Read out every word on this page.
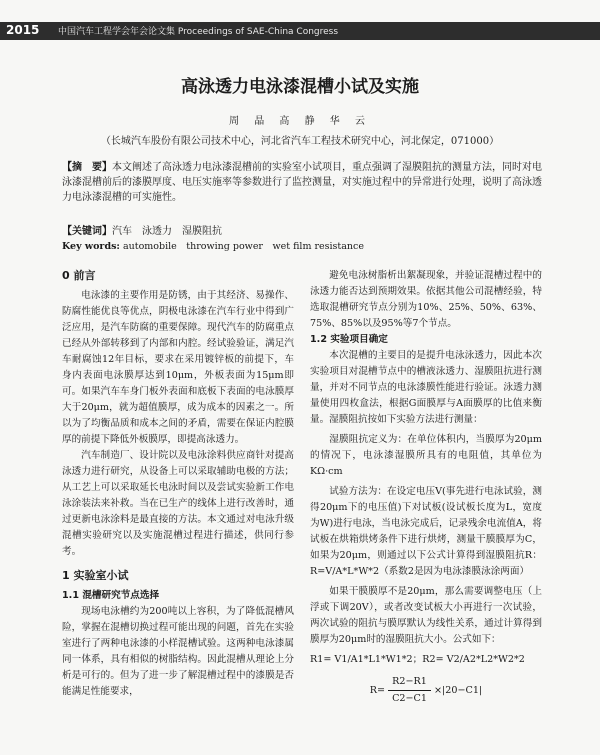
2015 中国汽车工程学会年会论文集 Proceedings of SAE-China Congress
高泳透力电泳漆混槽小试及实施
周 晶 高 静 华 云
（长城汽车股份有限公司技术中心，河北省汽车工程技术研究中心，河北保定，071000）
【摘　要】本文阐述了高泳透力电泳漆混槽前的实验室小试项目，重点强调了湿膜阻抗的测量方法，同时对电泳漆混槽前后的漆膜厚度、电压实施率等参数进行了监控测量，对实施过程中的异常进行处理，说明了高泳透力电泳漆混槽的可实施性。
【关键词】汽车　泳透力　湿膜阻抗
Key words: automobile　throwing power　wet film resistance
0 前言

电泳漆的主要作用是防锈，由于其经济、易操作、防腐性能优良等优点，阴极电泳漆在汽车行业中得到广泛应用，是汽车防腐的重要保障。现代汽车的防腐重点已经从外部转移到了内部和内腔。经试验验证，满足汽车耐腐蚀12年目标，要求在采用镀锌板的前提下，车身内表面电泳膜厚达到10μm，外板表面为15μm即可。如果汽车车身门板外表面和底板下表面的电泳膜厚大于20μm，就为超值膜厚，成为成本的因素之一。所以为了均衡品质和成本之间的矛盾，需要在保证内腔膜厚的前提下降低外板膜厚，即提高泳透力。

汽车制造厂、设计院以及电泳涂料供应商针对提高泳透力进行研究，从设备上可以采取辅助电极的方法；从工艺上可以采取延长电泳时间以及尝试实验新工作电泳涂装法来补救。当在已生产的线体上进行改善时，通过更新电泳涂料是最直接的方法。本文通过对电泳升级混槽实验研究以及实施混槽过程进行描述，供同行参考。

1 实验室小试
1.1 混槽研究节点选择

现场电泳槽约为200吨以上容积，为了降低混槽风险，掌握在混槽切换过程可能出现的问题，首先在实验室进行了两种电泳漆的小样混槽试验。这两种电泳漆属同一体系，具有相似的树脂结构。因此混槽从理论上分析是可行的。但为了进一步了解混槽过程中的漆膜是否能满足性能要求，

避免电泳树脂析出絮凝现象，并验证混槽过程中的泳透力能否达到预期效果。依据其他公司混槽经验，特选取混槽研究节点分别为10%、25%、50%、63%、75%、85%以及95%等7个节点。

1.2 实验项目确定

本次混槽的主要目的是提升电泳泳透力，因此本次实验项目对混槽节点中的槽液泳透力、湿膜阻抗进行测量，并对不同节点的电泳漆膜性能进行验证。泳透力测量使用四枚盒法，根据G面膜厚与A面膜厚的比值来衡量。湿膜阻抗按如下实验方法进行测量：

湿膜阻抗定义为：在单位体积内，当膜厚为20μm的情况下，电泳漆湿膜所具有的电阻值，其单位为KΩ·cm

试验方法为：在设定电压V(事先进行电泳试验，测得20μm下的电压值)下对试板(设试板长度为L，宽度为W)进行电泳，当电泳完成后，记录残余电流值A，将试板在烘箱烘烤条件下进行烘烤，测量干膜膜厚为C，如果为20μm，则通过以下公式计算得到湿膜阻抗R：R=V/A*L*W*2（系数2是因为电泳漆膜泳涂两面）

如果干膜膜厚不是20μm，那么需要调整电压（上浮或下调20V），或者改变试板大小再进行一次试验，两次试验的阻抗与膜厚默认为线性关系，通过计算得到膜厚为20μm时的湿膜阻抗大小。公式如下：

R1= V1/A1*L1*W1*2；R2= V2/A2*L2*W2*2
$R= \frac{R2-R1}{C2-C1} \times|20-C1|$
